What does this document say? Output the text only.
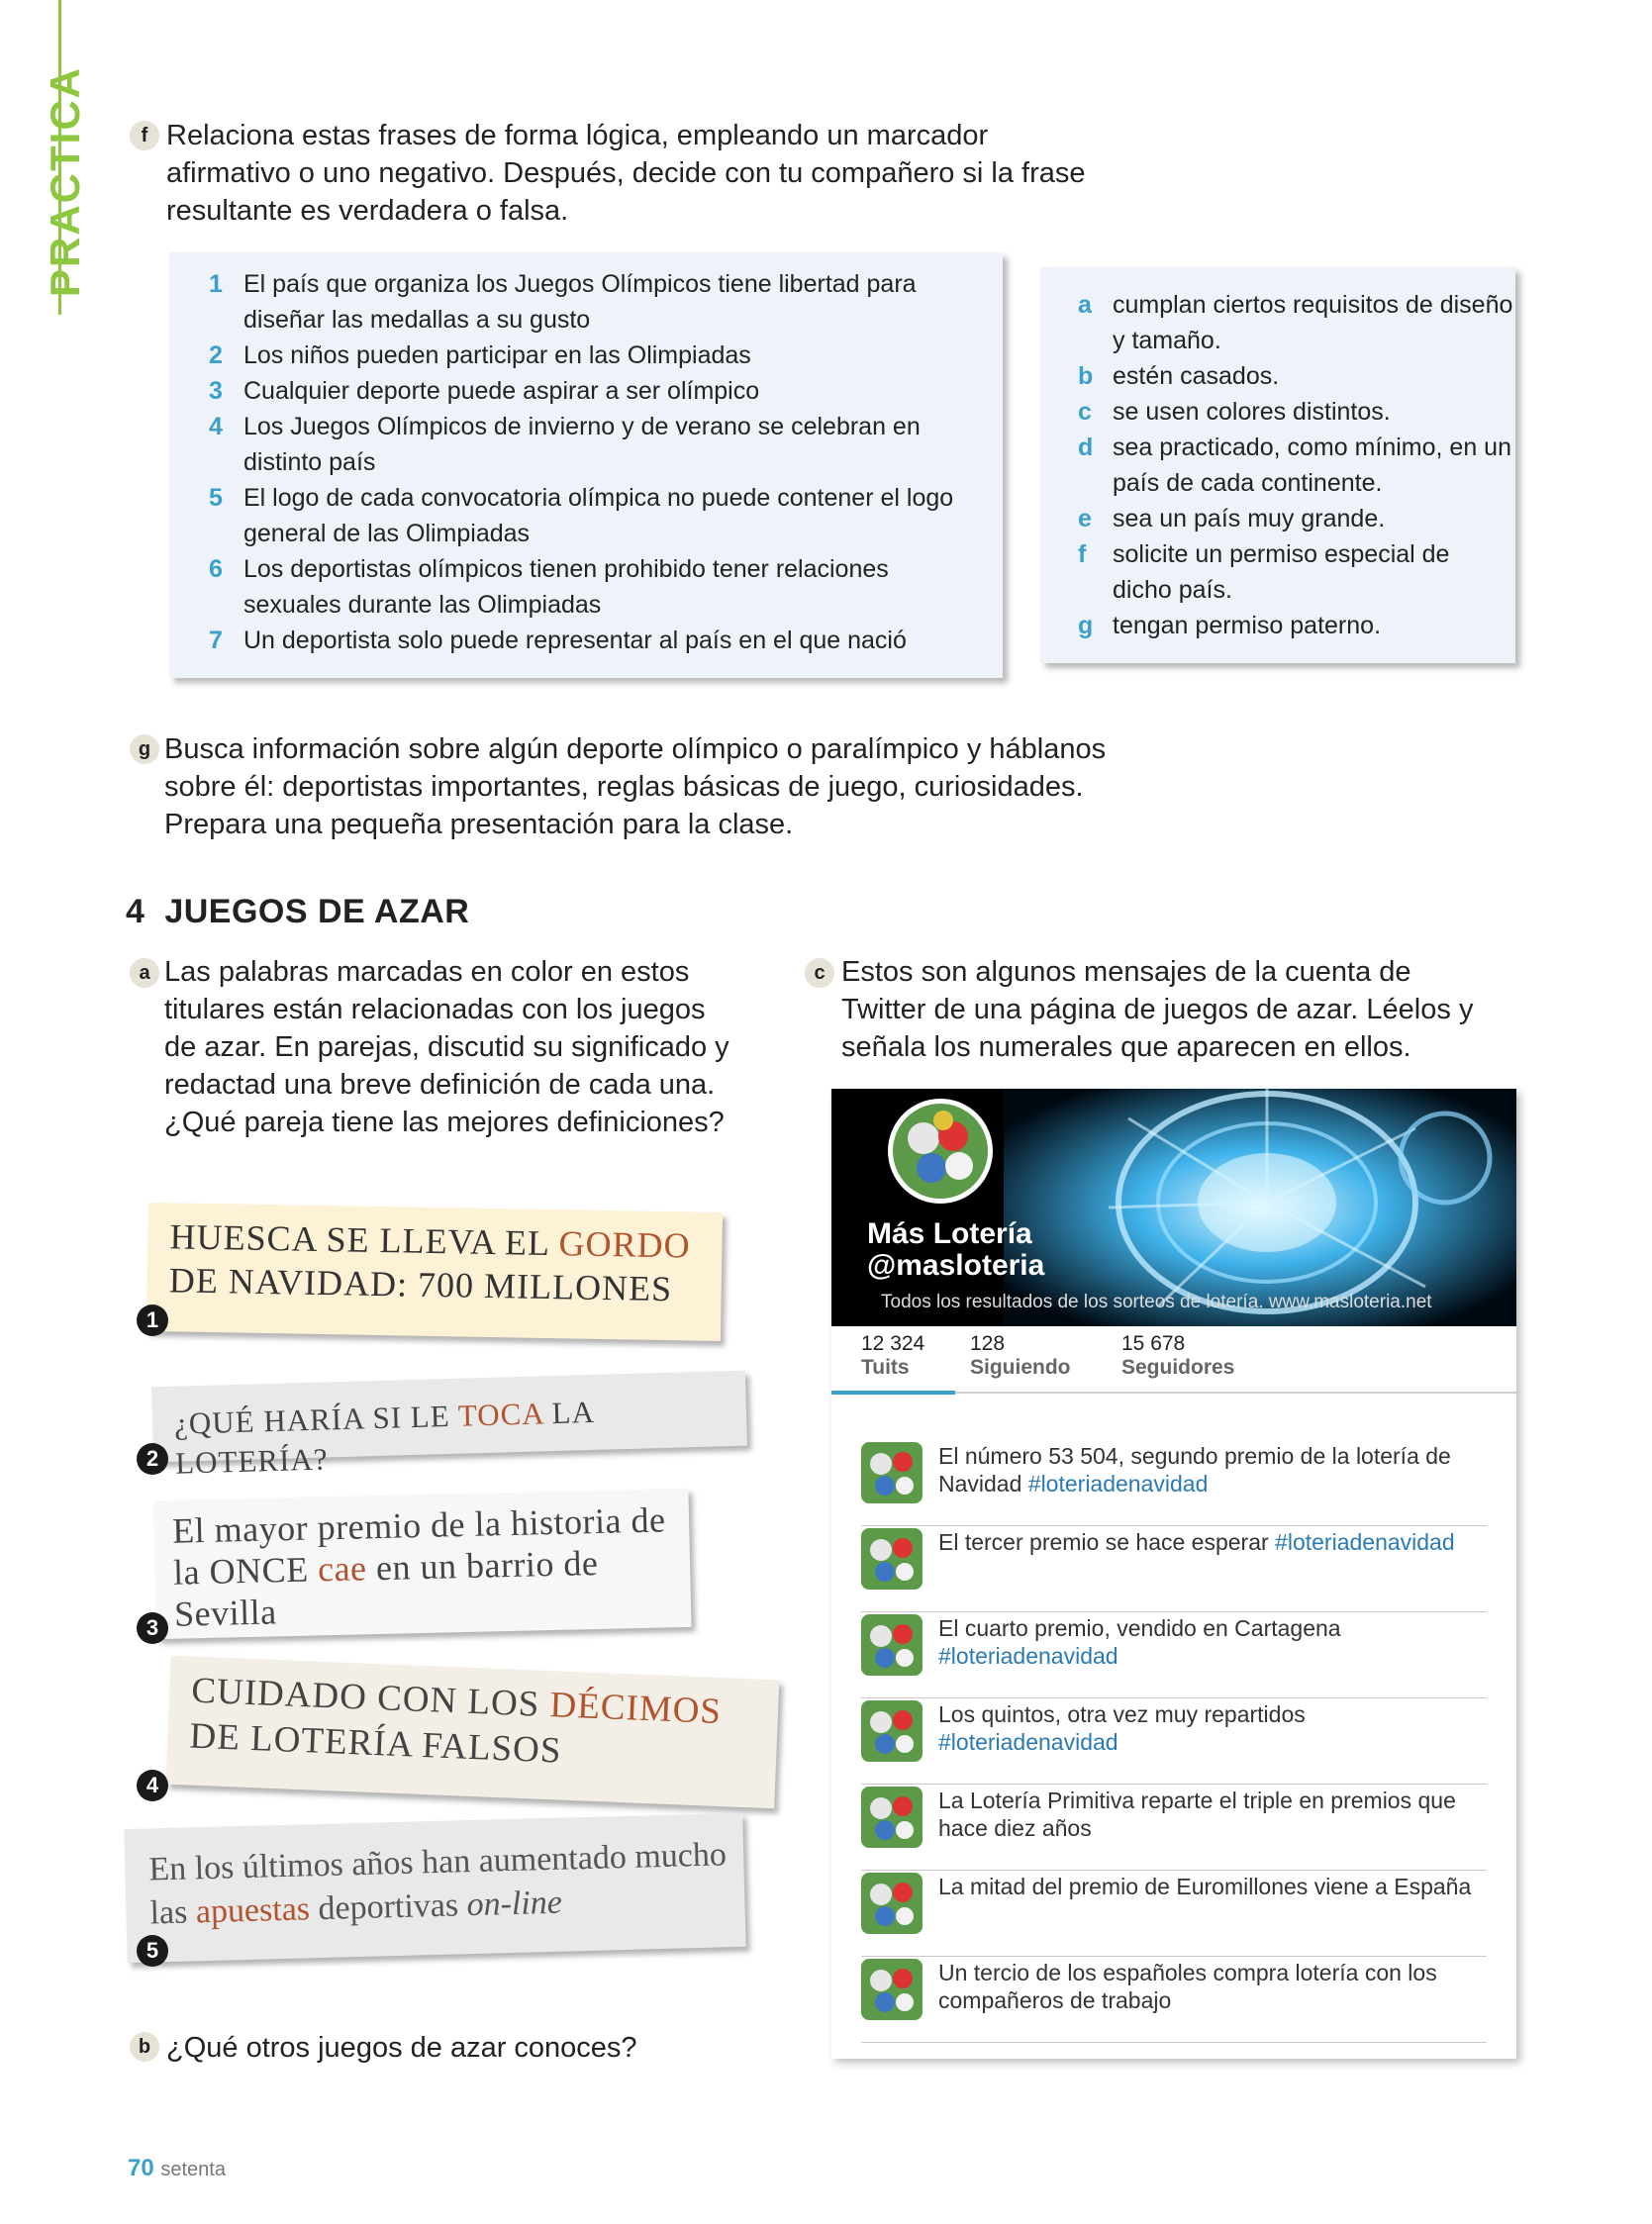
PRACTICA	f Relaciona estas frases de forma lógica, empleando un marcador afirmativo o uno negativo. Después, decide con tu compañero si la frase resultante es verdadera o falsa.
1 El país que organiza los Juegos Olímpicos tiene libertad para diseñar las medallas a su gusto
2 Los niños pueden participar en las Olimpiadas
3 Cualquier deporte puede aspirar a ser olímpico
4 Los Juegos Olímpicos de invierno y de verano se celebran en distinto país
5 El logo de cada convocatoria olímpica no puede contener el logo general de las Olimpiadas
6 Los deportistas olímpicos tienen prohibido tener relaciones sexuales durante las Olimpiadas
7 Un deportista solo puede representar al país en el que nació
a cumplan ciertos requisitos de diseño y tamaño.
b estén casados.
c se usen colores distintos.
d sea practicado, como mínimo, en un país de cada continente.
e sea un país muy grande.
f	solicite un permiso especial de dicho país.
g tengan permiso paterno.
g Busca información sobre algún deporte olímpico o paralímpico y háblanos sobre él: deportistas importantes, reglas básicas de juego, curiosidades. Prepara una pequeña presentación para la clase.
4 JUEGOS DE AZAR
a Las palabras marcadas en color en estos titulares están relacionadas con los juegos de azar. En parejas, discutid su significado y redactad una breve definición de cada una. ¿Qué pareja tiene las mejores definiciones?
HUESCA SE LLEVA EL GORDO DE NAVIDAD: 700 MILLONES
1
¿QUÉ HARÍA SI LE TOCA LA LOTERÍA?
2
El mayor premio de la historia de la ONCE cae en un barrio de Sevilla
3
CUIDADO CON LOS DÉCIMOS DE LOTERÍA FALSOS
4
En los últimos años han aumentado mucho las apuestas deportivas on-line
5
b ¿Qué otros juegos de azar conoces?
c Estos son algunos mensajes de la cuenta de Twitter de una página de juegos de azar. Léelos y señala los numerales que aparecen en ellos.
Más Lotería
@masloteria
Todos los resultados de los sorteos de lotería. www.masloteria.net
12 324
Tuits
128
Siguiendo
15 678
Seguidores
El número 53 504, segundo premio de la lotería de Navidad #loteriadenavidad
El tercer premio se hace esperar #loteriadenavidad
El cuarto premio, vendido en Cartagena #loteriadenavidad
Los quintos, otra vez muy repartidos #loteriadenavidad
La Lotería Primitiva reparte el triple en premios que hace diez años
La mitad del premio de Euromillones viene a España
Un tercio de los españoles compra lotería con los compañeros de trabajo
70 setenta
